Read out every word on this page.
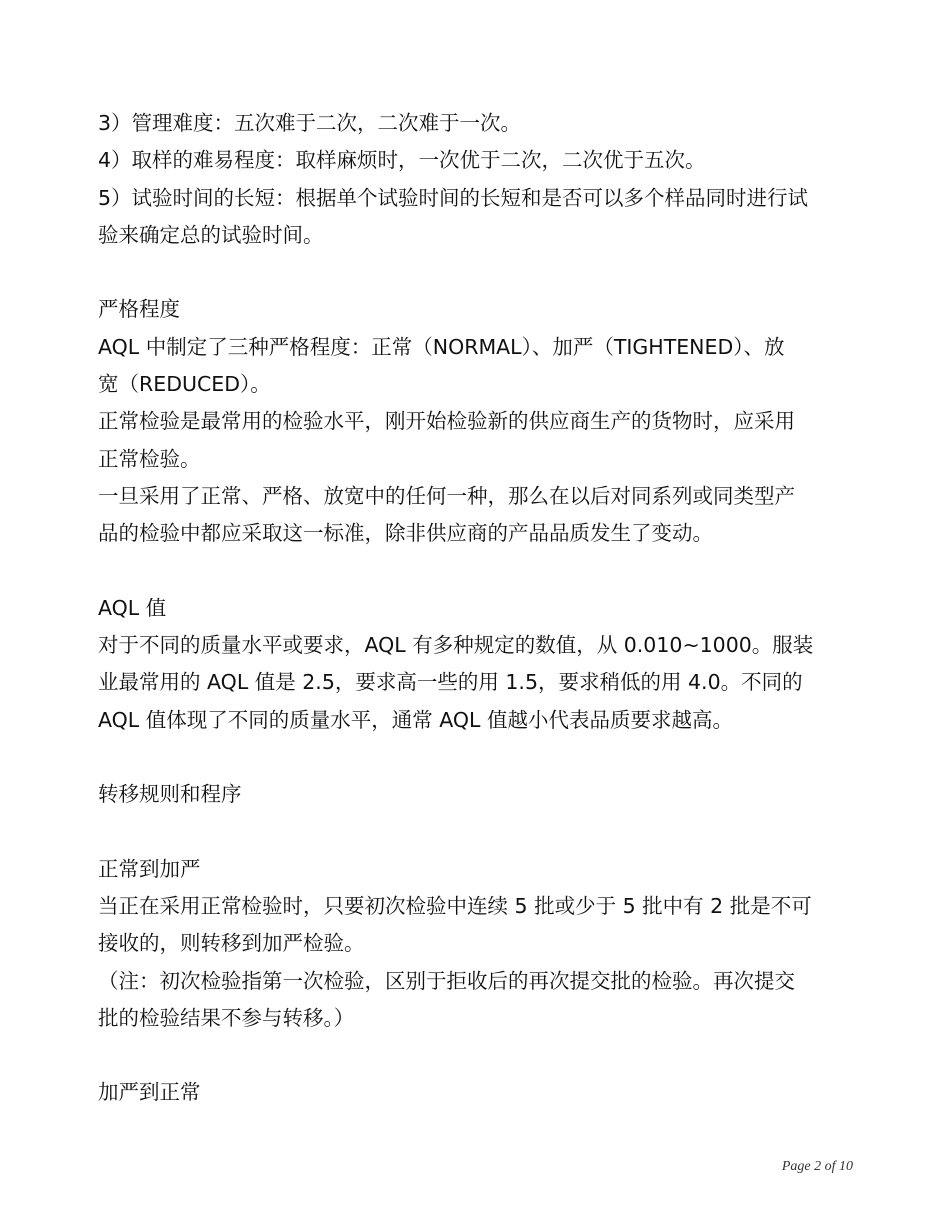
3）管理难度：五次难于二次，二次难于一次。
4）取样的难易程度：取样麻烦时，一次优于二次，二次优于五次。
5）试验时间的长短：根据单个试验时间的长短和是否可以多个样品同时进行试
验来确定总的试验时间。
严格程度
AQL 中制定了三种严格程度：正常（NORMAL）、加严（TIGHTENED）、放
宽（REDUCED）。
正常检验是最常用的检验水平，刚开始检验新的供应商生产的货物时，应采用
正常检验。
一旦采用了正常、严格、放宽中的任何一种，那么在以后对同系列或同类型产
品的检验中都应采取这一标准，除非供应商的产品品质发生了变动。
AQL 值
对于不同的质量水平或要求，AQL 有多种规定的数值，从 0.010~1000。服装
业最常用的 AQL 值是 2.5，要求高一些的用 1.5，要求稍低的用 4.0。不同的
AQL 值体现了不同的质量水平，通常 AQL 值越小代表品质要求越高。
转移规则和程序
正常到加严
当正在采用正常检验时，只要初次检验中连续 5 批或少于 5 批中有 2 批是不可
接收的，则转移到加严检验。
（注：初次检验指第一次检验，区别于拒收后的再次提交批的检验。再次提交
批的检验结果不参与转移。）
加严到正常
Page 2 of 10
